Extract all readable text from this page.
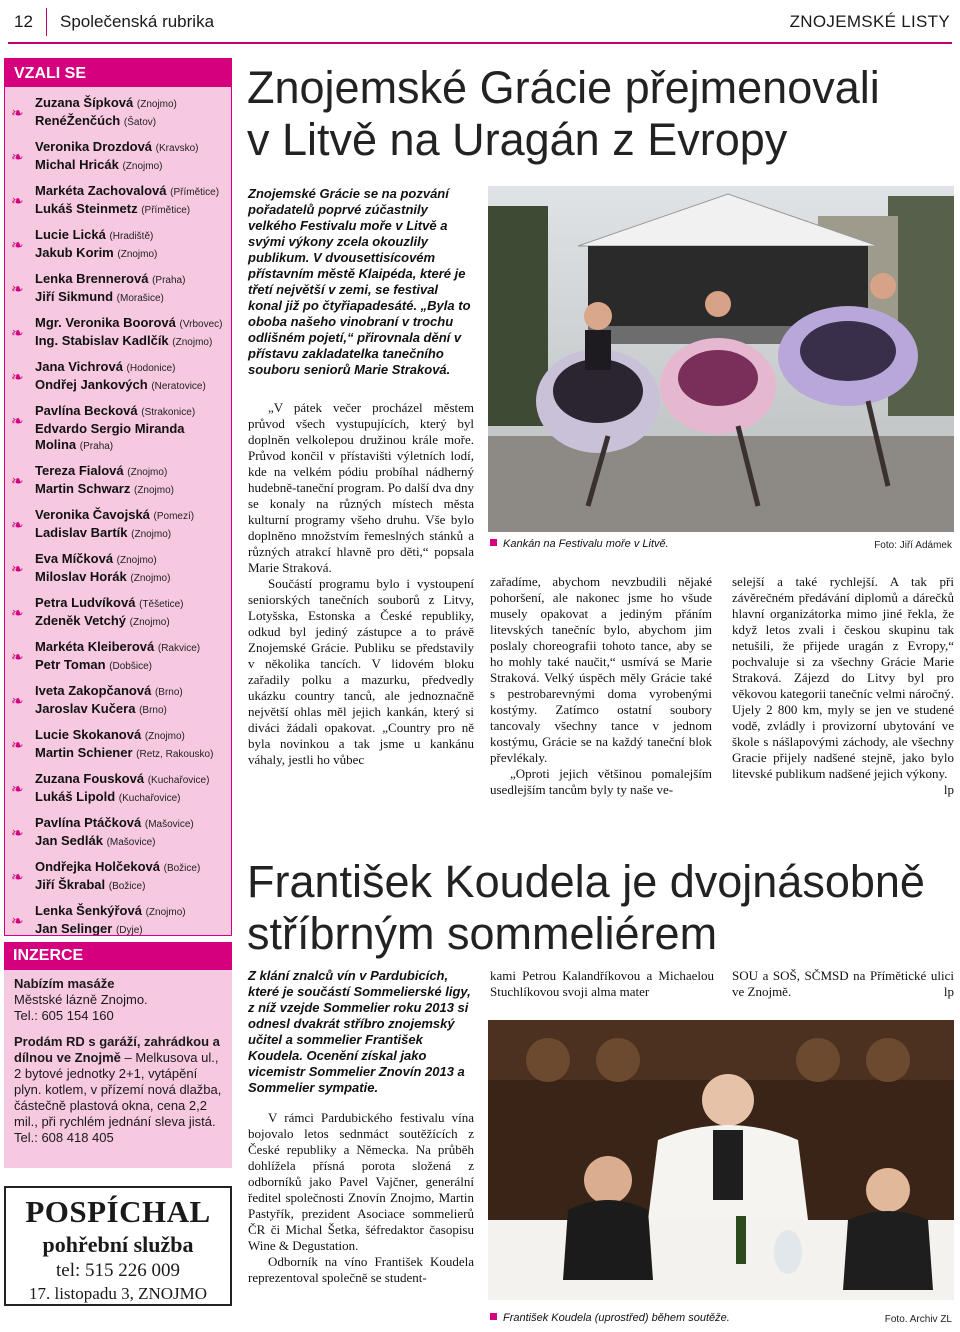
12 Společenská rubrika	ZNOJEMSKÉ LISTY
VZALI SE
❧
Zuzana Šípková (Znojmo)
RenéŽenčúch (Šatov)
❧
Veronika Drozdová (Kravsko)
Michal Hricák (Znojmo)
❧
Markéta Zachovalová (Přímětice)
Lukáš Steinmetz (Přímětice)
❧
Lucie Lická (Hradiště)
Jakub Korim (Znojmo)
❧
Lenka Brennerová (Praha)
Jiří Sikmund (Morašice)
❧
Mgr. Veronika Boorová (Vrbovec)
Ing. Stabislav Kadlčík (Znojmo)
❧
Jana Vichrová (Hodonice)
Ondřej Jankových (Neratovice)
❧
Pavlína Becková (Strakonice)
Edvardo Sergio Miranda Molina (Praha)
❧
Tereza Fialová (Znojmo)
Martin Schwarz (Znojmo)
❧
Veronika Čavojská (Pomezí)
Ladislav Bartík (Znojmo)
❧
Eva Míčková (Znojmo)
Miloslav Horák (Znojmo)
❧
Petra Ludvíková (Těšetice)
Zdeněk Vetchý (Znojmo)
❧
Markéta Kleiberová (Rakvice)
Petr Toman (Dobšice)
❧
Iveta Zakopčanová (Brno)
Jaroslav Kučera (Brno)
❧
Lucie Skokanová (Znojmo)
Martin Schiener (Retz, Rakousko)
❧
Zuzana Fousková (Kuchařovice)
Lukáš Lipold (Kuchařovice)
❧
Pavlína Ptáčková (Mašovice)
Jan Sedlák (Mašovice)
❧
Ondřejka Holčeková (Božice)
Jiří Škrabal (Božice)
❧
Lenka Šenkýřová (Znojmo)
Jan Selinger (Dyje)
INZERCE
Nabízím masáže
Městské lázně Znojmo.
Tel.: 605 154 160
Prodám RD s garáží, zahrádkou a dílnou ve Znojmě – Melkusova ul., 2 bytové jednotky 2+1, vytápění plyn. kotlem, v přízemí nová dlažba, částečně plastová okna, cena 2,2 mil., při rychlém jednání sleva jistá.
Tel.: 608 418 405
POSPÍCHAL
pohřební služba
tel: 515 226 009
17. listopadu 3, ZNOJMO
Znojemské Grácie přejmenovali
v Litvě na Uragán z Evropy
Znojemské Grácie se na pozvání pořadatelů poprvé zúčastnily velkého Festivalu moře v Litvě a svými výkony zcela okouzlily publikum. V dvousettisícovém přístavním městě Klaipéda, které je třetí největší v zemi, se festival konal již po čtyřiapadesáté. „Byla to oboba našeho vinobraní v trochu odlišném pojetí,“ přirovnala dění v přístavu zakladatelka tanečního souboru seniorů Marie Straková.

„V pátek večer procházel městem průvod všech vystupujících, který byl doplněn velkolepou družinou krále moře. Průvod končil v přístavišti výletních lodí, kde na velkém pódiu probíhal nádherný hudebně-taneční program. Po další dva dny se konaly na různých místech města kulturní programy všeho druhu. Vše bylo doplněno množstvím řemeslných stánků a různých atrakcí hlavně pro děti,“ popsala Marie Straková.

Součástí programu bylo i vystoupení seniorských tanečních souborů z Litvy, Lotyšska, Estonska a České republiky, odkud byl jediný zástupce a to právě Znojemské Grácie. Publiku se představily v několika tancích. V lidovém bloku zařadily polku a mazurku, předvedly ukázku country tanců, ale jednoznačně největší ohlas měl jejich kankán, který si diváci žádali opakovat. „Country pro ně byla novinkou a tak jsme u kankánu váhaly, jestli ho vůbec

Kankán na Festivalu moře v Litvě.	Foto: Jiří Adámek

zařadíme, abychom nevzbudili nějaké pohoršení, ale nakonec jsme ho všude musely opakovat a jediným přáním litevských tanečníc bylo, abychom jim poslaly choreografii tohoto tance, aby se ho mohly také naučit,“ usmívá se Marie Straková. Velký úspěch měly Grácie také s pestrobarevnými doma vyrobenými kostýmy. Zatímco ostatní soubory tancovaly všechny tance v jednom kostýmu, Grácie se na každý taneční blok převlékaly.

„Oproti jejich většinou pomalejším usedlejším tancům byly ty naše ve-

selejší a také rychlejší. A tak při závěrečném předávání diplomů a dárečků hlavní organizátorka mimo jiné řekla, že když letos zvali i českou skupinu tak netušili, že přijede uragán z Evropy,“ pochvaluje si za všechny Grácie Marie Straková. Zájezd do Litvy byl pro věkovou kategorii tanečníc velmi náročný. Ujely 2 800 km, myly se jen ve studené vodě, zvládly i provizorní ubytování ve škole s nášlapovými záchody, ale všechny Gracie přijely nadšené stejně, jako bylo litevské publikum nadšené jejich výkony.
lp

František Koudela je dvojnásobně
stříbrným sommeliérem
Z klání znalců vín v Pardubicích, které je součástí Sommelierské ligy, z níž vzejde Sommelier roku 2013 si odnesl dvakrát stříbro znojemský učitel a sommelier František Koudela. Ocenění získal jako vicemistr Sommelier Znovín 2013 a Sommelier sympatie.

V rámci Pardubického festivalu vína bojovalo letos sednmáct soutěžících z České republiky a Německa. Na průběh dohlížela přísná porota složená z odborníků jako Pavel Vajčner, generální ředitel společnosti Znovín Znojmo, Martin Pastyřík, prezident Asociace sommelierů ČR či Michal Šetka, šéfredaktor časopisu Wine & Degustation.

Odborník na víno František Koudela reprezentoval společně se student-

kami Petrou Kalandříkovou a Michaelou Stuchlíkovou svoji alma mater

SOU a SOŠ, SČMSD na Přímětické ulici ve Znojmě.	lp

František Koudela (uprostřed) během soutěže.	Foto. Archiv ZL
